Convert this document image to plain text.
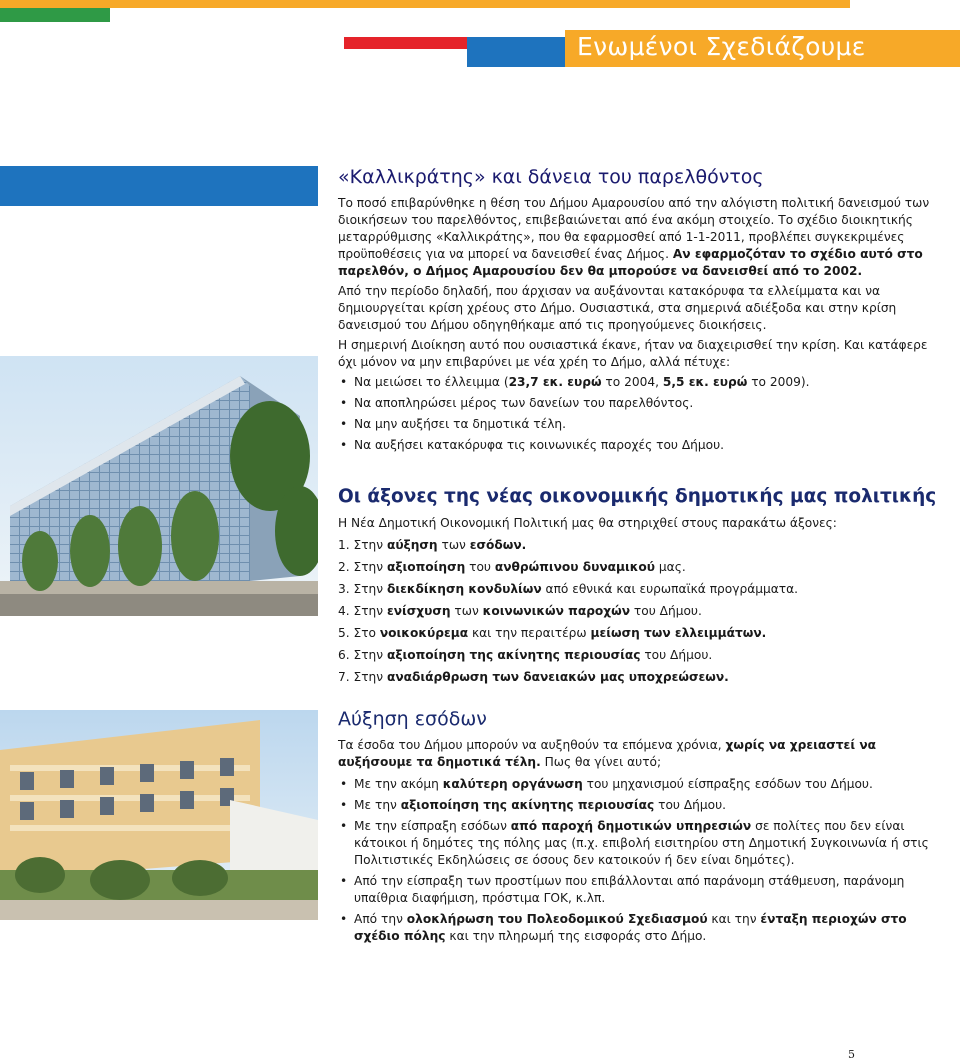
Ενωμένοι Σχεδιάζουμε
«Καλλικράτης» και δάνεια του παρελθόντος

Το ποσό επιβαρύνθηκε η θέση του Δήμου Αμαρουσίου από την αλόγιστη πολιτική δανεισμού των διοικήσεων του παρελθόντος, επιβεβαιώνεται από ένα ακόμη στοιχείο. Το σχέδιο διοικητικής μεταρρύθμισης «Καλλικράτης», που θα εφαρμοσθεί από 1-1-2011, προβλέπει συγκεκριμένες προϋποθέσεις για να μπορεί να δανεισθεί ένας Δήμος. Αν εφαρμοζόταν το σχέδιο αυτό στο παρελθόν, ο Δήμος Αμαρουσίου δεν θα μπορούσε να δανεισθεί από το 2002.

Από την περίοδο δηλαδή, που άρχισαν να αυξάνονται κατακόρυφα τα ελλείμματα και να δημιουργείται κρίση χρέους στο Δήμο. Ουσιαστικά, στα σημερινά αδιέξοδα και στην κρίση δανεισμού του Δήμου οδηγηθήκαμε από τις προηγούμενες διοικήσεις.

Η σημερινή Διοίκηση αυτό που ουσιαστικά έκανε, ήταν να διαχειρισθεί την κρίση. Και κατάφερε όχι μόνον να μην επιβαρύνει με νέα χρέη το Δήμο, αλλά πέτυχε:

• Να μειώσει το έλλειμμα (23,7 εκ. ευρώ το 2004, 5,5 εκ. ευρώ το 2009).
• Να αποπληρώσει μέρος των δανείων του παρελθόντος.
• Να μην αυξήσει τα δημοτικά τέλη.
• Να αυξήσει κατακόρυφα τις κοινωνικές παροχές του Δήμου.
Οι άξονες της νέας οικονομικής δημοτικής μας πολιτικής

Η Νέα Δημοτική Οικονομική Πολιτική μας θα στηριχθεί στους παρακάτω άξονες:

1. Στην αύξηση των εσόδων.
2. Στην αξιοποίηση του ανθρώπινου δυναμικού μας.
3. Στην διεκδίκηση κονδυλίων από εθνικά και ευρωπαϊκά προγράμματα.
4. Στην ενίσχυση των κοινωνικών παροχών του Δήμου.
5. Στο νοικοκύρεμα και την περαιτέρω μείωση των ελλειμμάτων.
6. Στην αξιοποίηση της ακίνητης περιουσίας του Δήμου.
7. Στην αναδιάρθρωση των δανειακών μας υποχρεώσεων.
Αύξηση εσόδων

Τα έσοδα του Δήμου μπορούν να αυξηθούν τα επόμενα χρόνια, χωρίς να χρειαστεί να αυξήσουμε τα δημοτικά τέλη. Πως θα γίνει αυτό;

• Με την ακόμη καλύτερη οργάνωση του μηχανισμού είσπραξης εσόδων του Δήμου.
• Με την αξιοποίηση της ακίνητης περιουσίας του Δήμου.
• Με την είσπραξη εσόδων από παροχή δημοτικών υπηρεσιών σε πολίτες που δεν είναι κάτοικοι ή δημότες της πόλης μας (π.χ. επιβολή εισιτηρίου στη Δημοτική Συγκοινωνία ή στις Πολιτιστικές Εκδηλώσεις σε όσους δεν κατοικούν ή δεν είναι δημότες).
• Από την είσπραξη των προστίμων που επιβάλλονται από παράνομη στάθμευση, παράνομη υπαίθρια διαφήμιση, πρόστιμα ΓΟΚ, κ.λπ.
• Από την ολοκλήρωση του Πολεοδομικού Σχεδιασμού και την ένταξη περιοχών στο σχέδιο πόλης και την πληρωμή της εισφοράς στο Δήμο.
5
